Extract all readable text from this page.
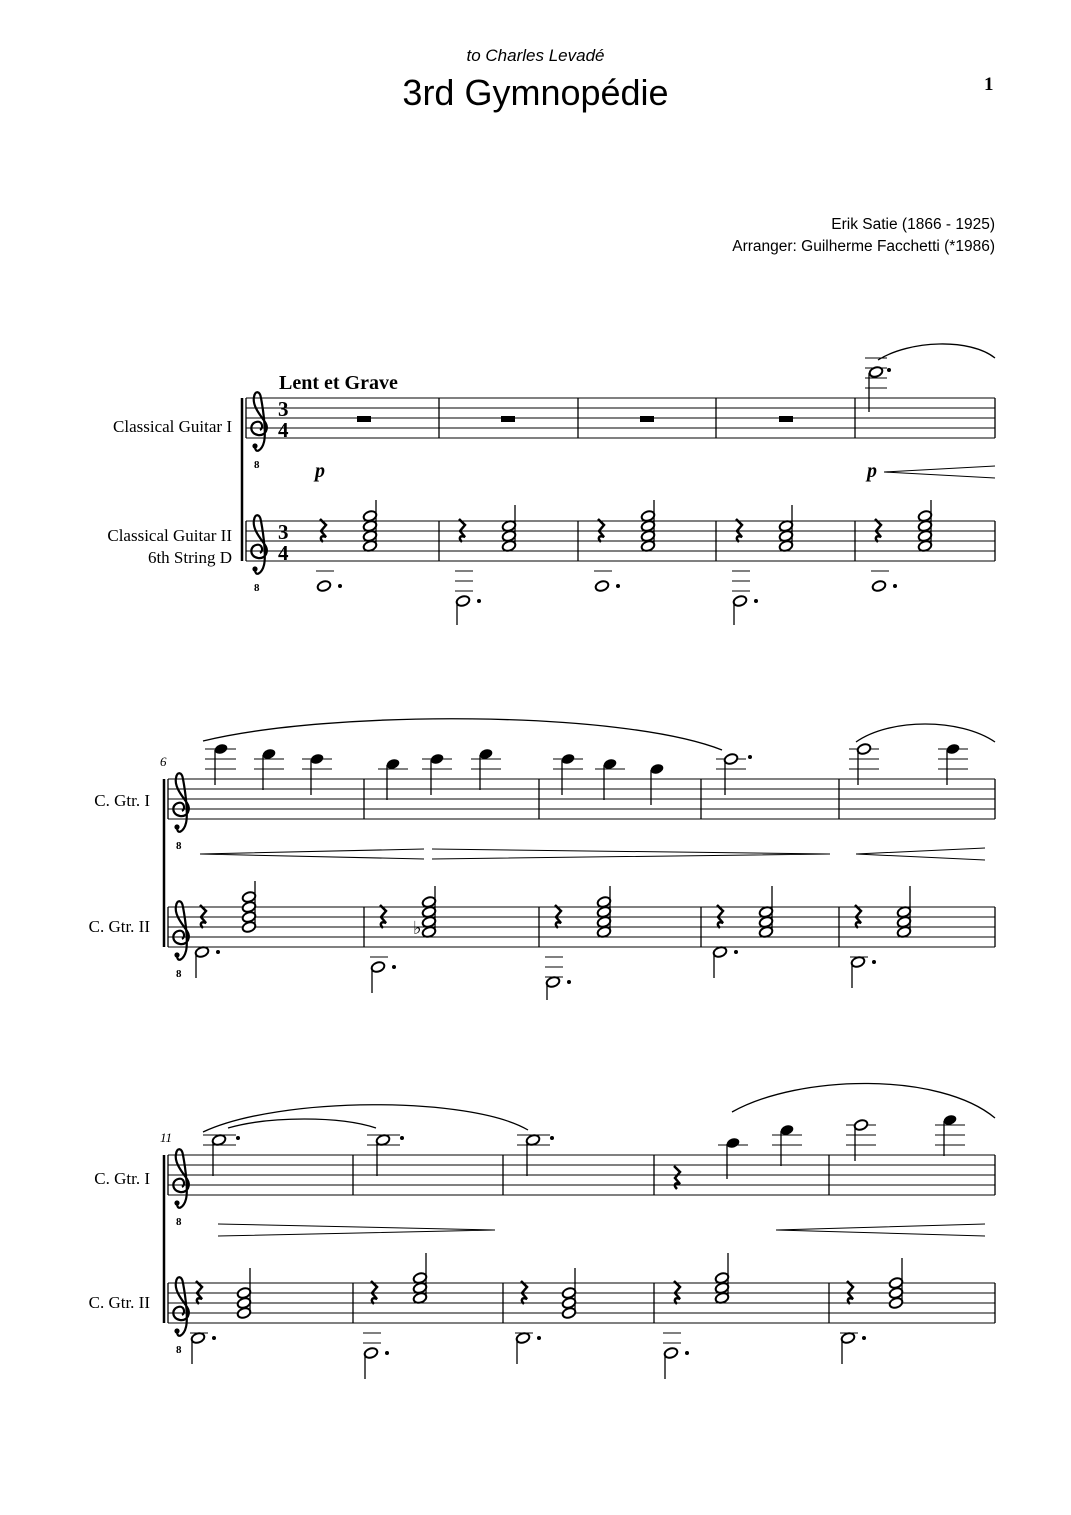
to Charles Levadé
3rd Gymnopédie	1
Erik Satie (1866 - 1925)
Arranger: Guilherme Facchetti (*1986)
8
8
3
4
3
4
Classical Guitar I
Classical Guitar II
6th String D
Lent et Grave
p	p
8
8
C. Gtr. I
C. Gtr. II
6
♭
8
8
C. Gtr. I
C. Gtr. II
11
